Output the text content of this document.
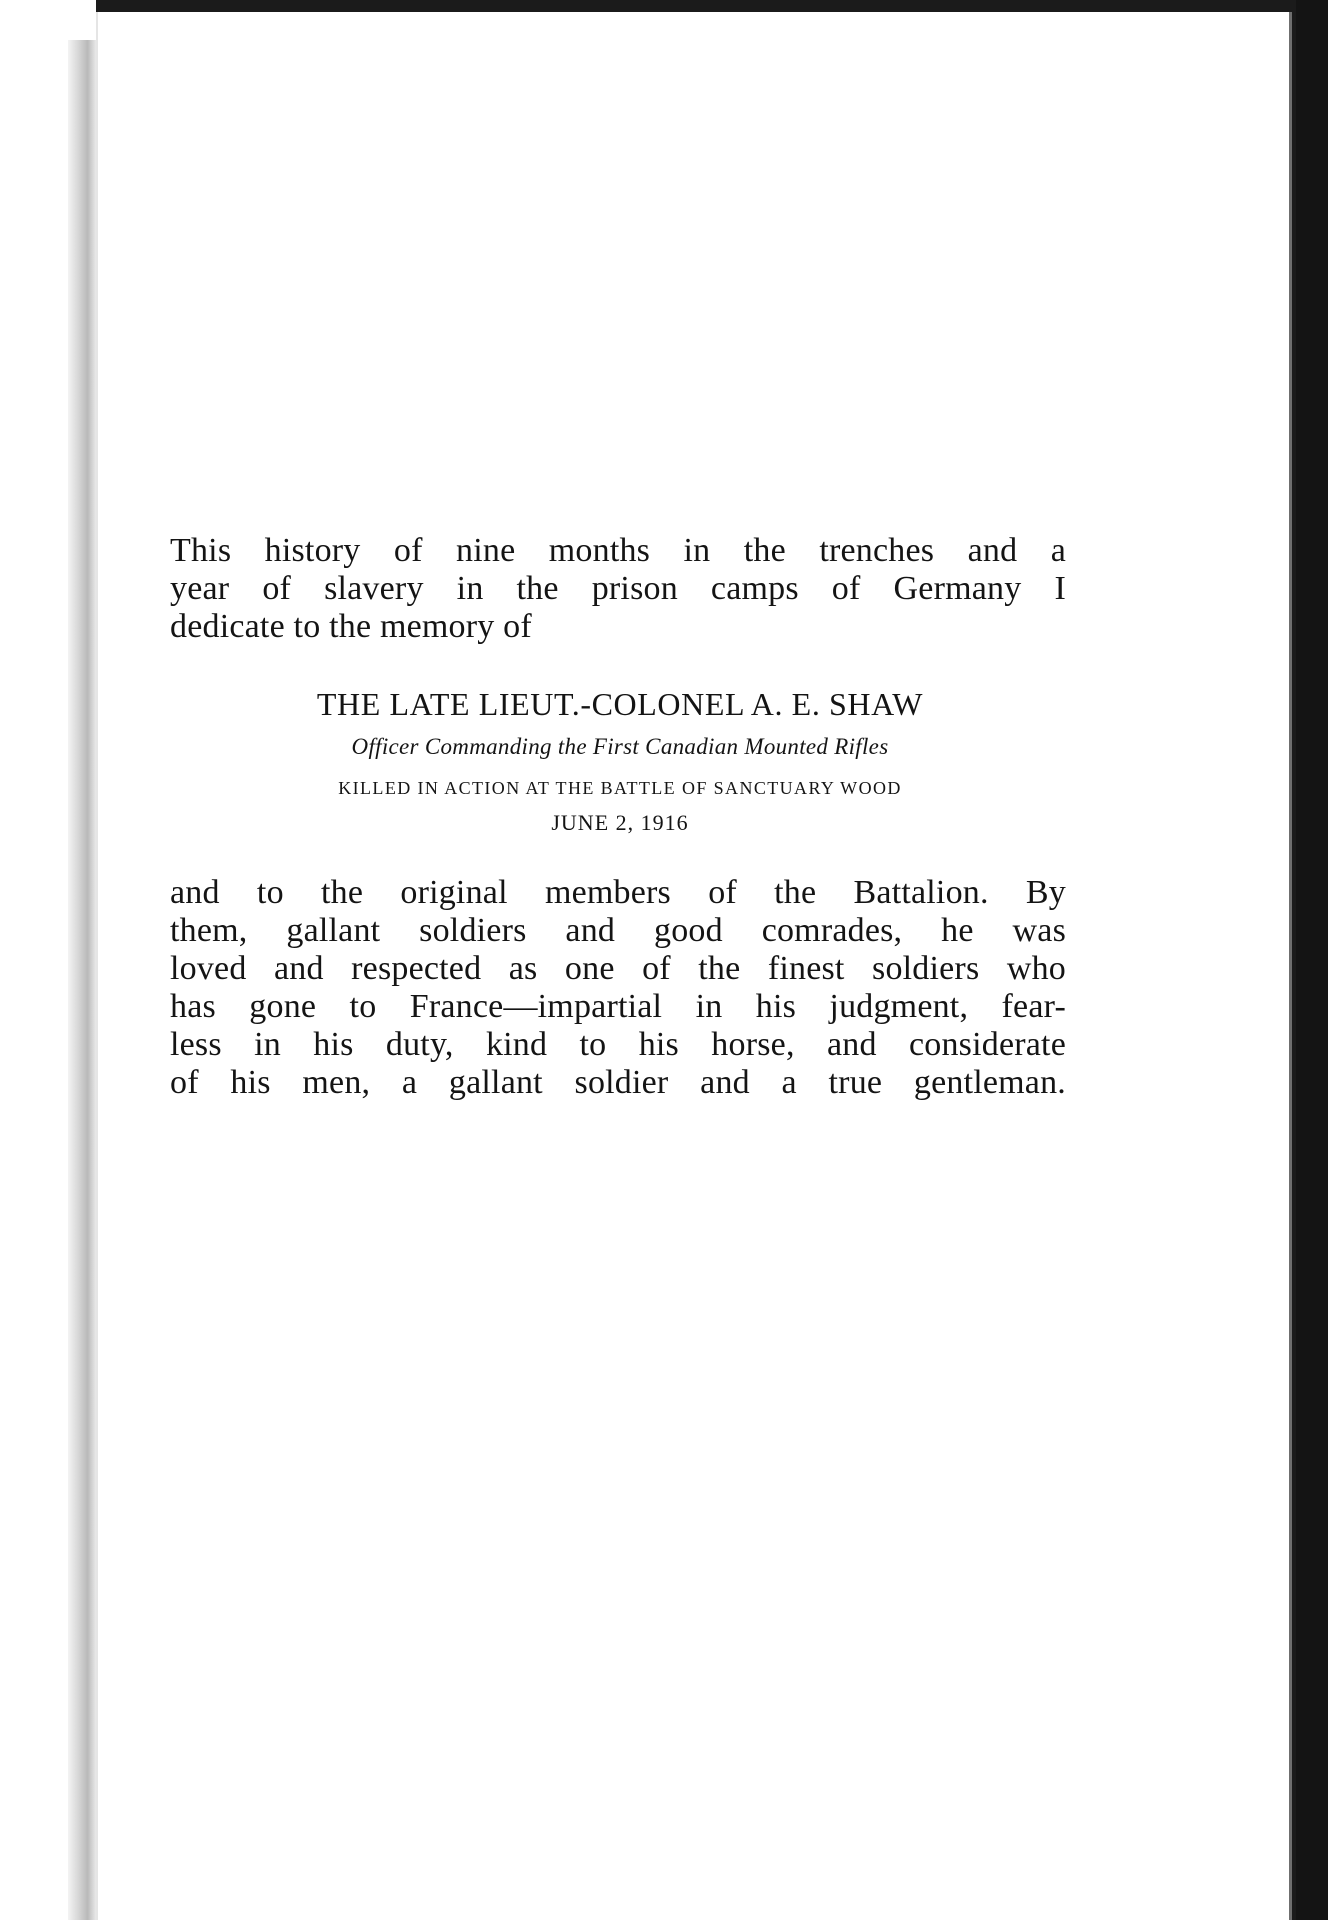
This history of nine months in the trenches and a
year of slavery in the prison camps of Germany I
dedicate to the memory of
THE LATE LIEUT.-COLONEL A. E. SHAW
Officer Commanding the First Canadian Mounted Rifles
KILLED IN ACTION AT THE BATTLE OF SANCTUARY WOOD
JUNE 2, 1916
and to the original members of the Battalion. By
them, gallant soldiers and good comrades, he was
loved and respected as one of the finest soldiers who
has gone to France—impartial in his judgment, fear-
less in his duty, kind to his horse, and considerate
of his men, a gallant soldier and a true gentleman.
